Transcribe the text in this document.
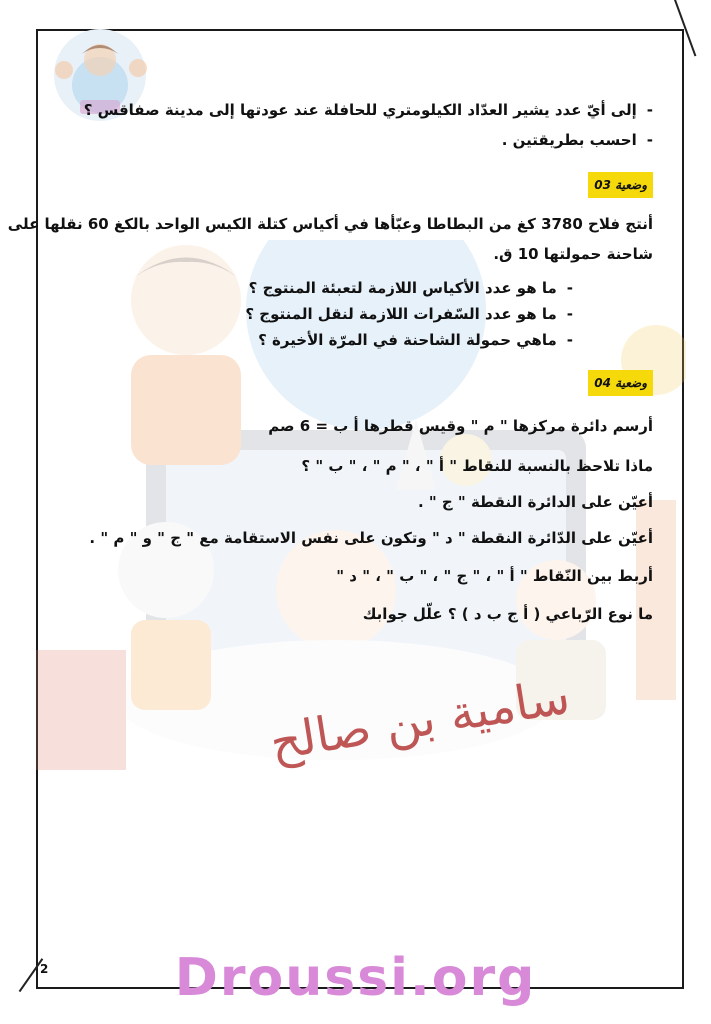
- إلى أيّ عدد يشير العدّاد الكيلومتري للحافلة عند عودتها إلى مدينة صفاقس ؟
- احسب بطريقتين .
وضعية 03
أنتج فلاح 3780 كغ من البطاطا وعبّأها في أكياس كتلة الكيس الواحد بالكغ 60 نقلها على
شاحنة حمولتها 10 ق.
- ما هو عدد الأكياس اللازمة لتعبئة المنتوج ؟
- ما هو عدد السّفرات اللازمة لنقل المنتوج ؟
- ماهي حمولة الشاحنة في المرّة الأخيرة ؟
وضعية 04
أرسم دائرة مركزها " م " وقيس قطرها أ ب = 6 صم
ماذا تلاحظ بالنسبة للنقاط " أ " ، " م " ، " ب " ؟
أعيّن على الدائرة النقطة " ج " .
أعيّن على الدّائرة النقطة " د " وتكون على نفس الاستقامة مع " ج " و " م " .
أربط بين النّقاط " أ " ، " ج " ، " ب " ، " د "
ما نوع الرّباعي ( أ ج ب د ) ؟ علّل جوابك
سامية بن صالح
2	Droussi.org
